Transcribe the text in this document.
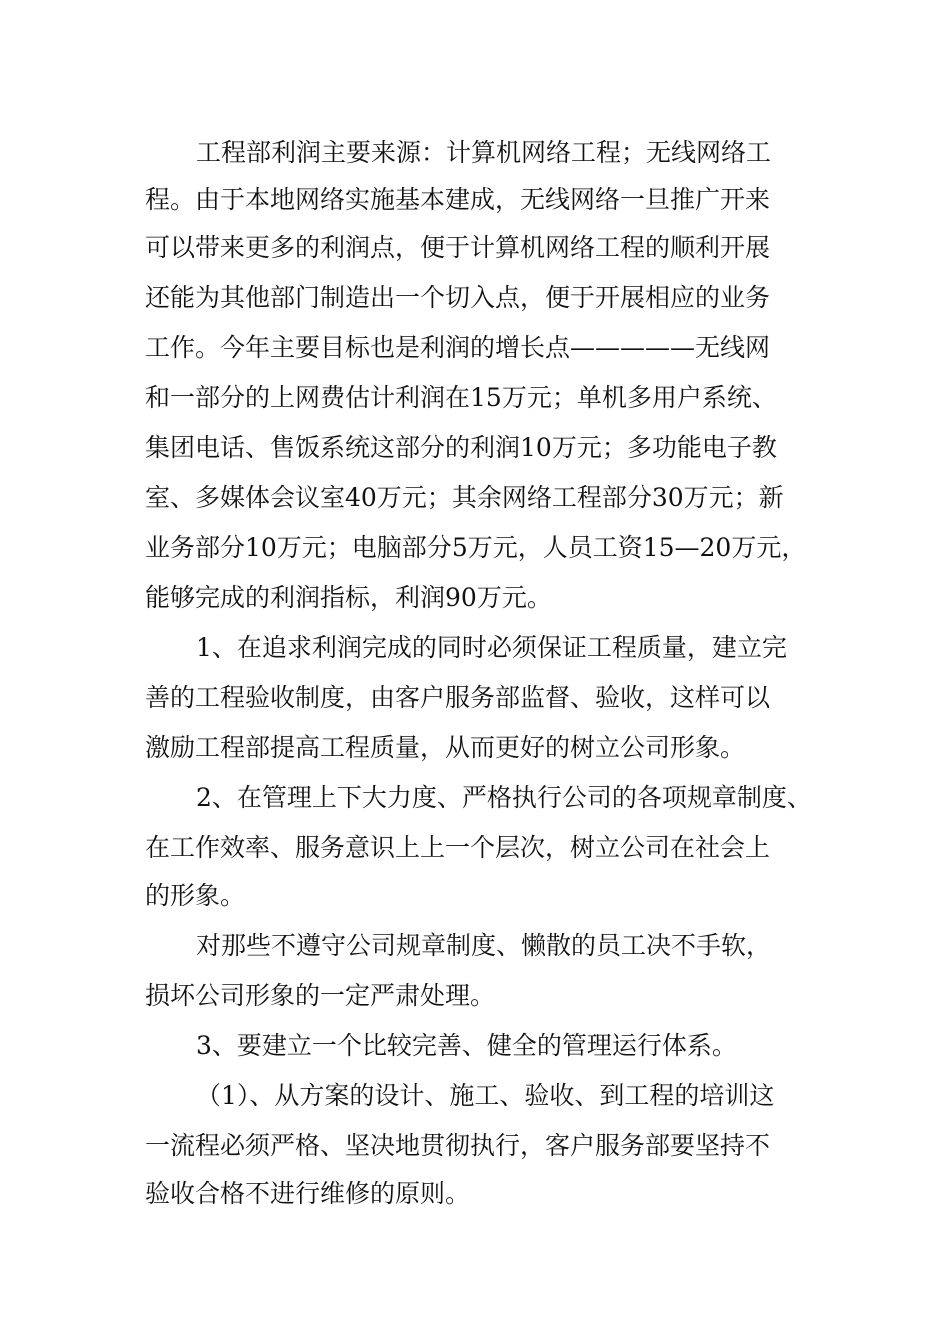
工程部利润主要来源：计算机网络工程；无线网络工
程。由于本地网络实施基本建成，无线网络一旦推广开来
可以带来更多的利润点，便于计算机网络工程的顺利开展
还能为其他部门制造出一个切入点，便于开展相应的业务
工作。今年主要目标也是利润的增长点—————无线网
和一部分的上网费估计利润在15万元；单机多用户系统、
集团电话、售饭系统这部分的利润10万元；多功能电子教
室、多媒体会议室40万元；其余网络工程部分30万元；新
业务部分10万元；电脑部分5万元，人员工资15—20万元，
能够完成的利润指标，利润90万元。
1、在追求利润完成的同时必须保证工程质量，建立完
善的工程验收制度，由客户服务部监督、验收，这样可以
激励工程部提高工程质量，从而更好的树立公司形象。
2、在管理上下大力度、严格执行公司的各项规章制度、
在工作效率、服务意识上上一个层次，树立公司在社会上
的形象。
对那些不遵守公司规章制度、懒散的员工决不手软，
损坏公司形象的一定严肃处理。
3、要建立一个比较完善、健全的管理运行体系。
（1）、从方案的设计、施工、验收、到工程的培训这
一流程必须严格、坚决地贯彻执行，客户服务部要坚持不
验收合格不进行维修的原则。
